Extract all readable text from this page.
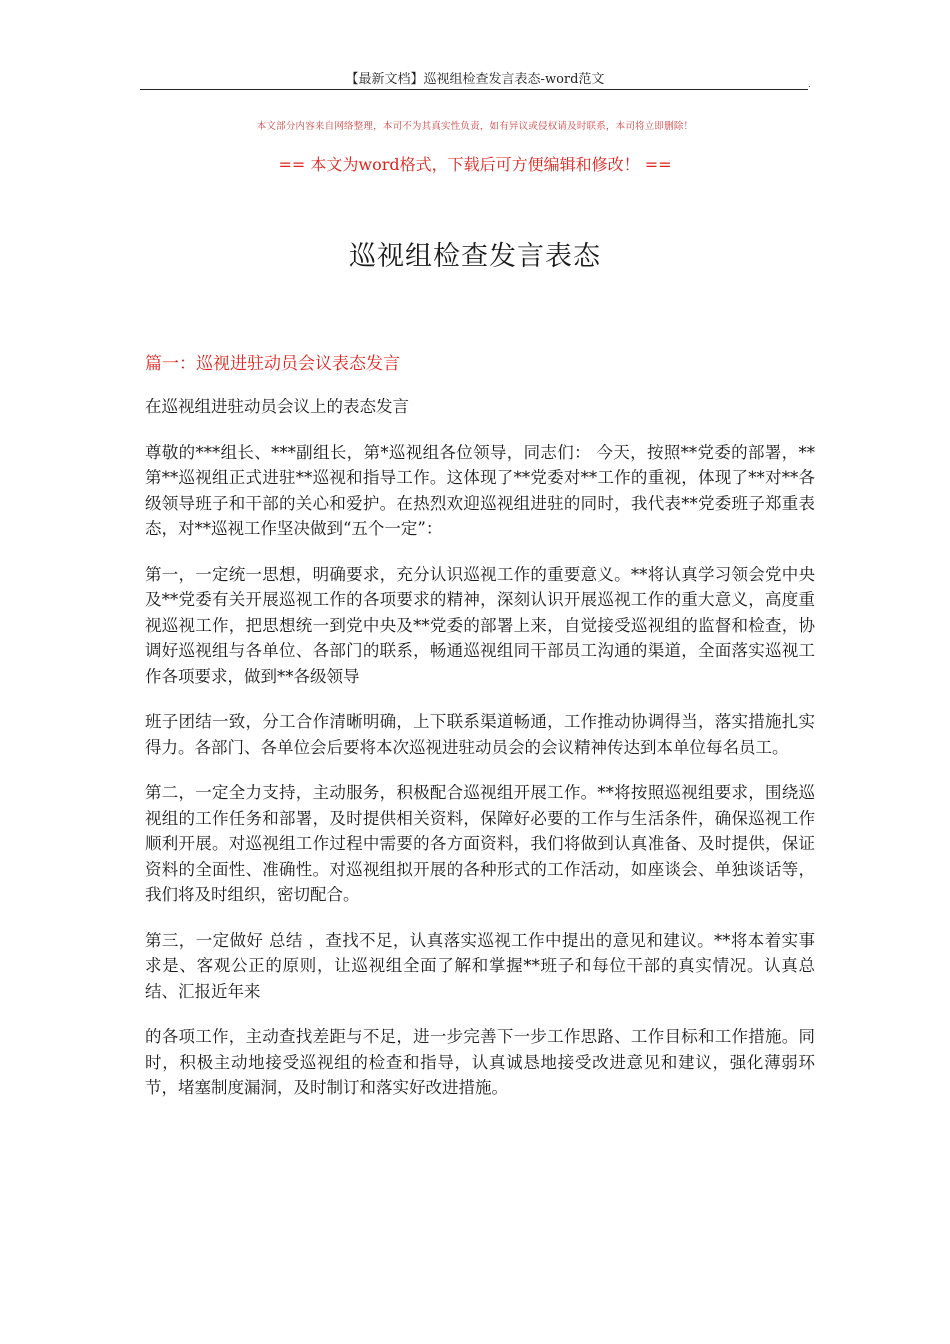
【最新文档】巡视组检查发言表态-word范文	.
本文部分内容来自网络整理，本司不为其真实性负责，如有异议或侵权请及时联系，本司将立即删除！
== 本文为word格式，下载后可方便编辑和修改！ ==
巡视组检查发言表态
篇一：巡视进驻动员会议表态发言

在巡视组进驻动员会议上的表态发言

尊敬的***组长、***副组长，第*巡视组各位领导，同志们： 今天，按照**党委的部署，**第**巡视组正式进驻**巡视和指导工作。这体现了**党委对**工作的重视，体现了**对**各级领导班子和干部的关心和爱护。在热烈欢迎巡视组进驻的同时，我代表**党委班子郑重表态，对**巡视工作坚决做到“五个一定”：

第一，一定统一思想，明确要求，充分认识巡视工作的重要意义。**将认真学习领会党中央及**党委有关开展巡视工作的各项要求的精神，深刻认识开展巡视工作的重大意义，高度重视巡视工作，把思想统一到党中央及**党委的部署上来，自觉接受巡视组的监督和检查，协调好巡视组与各单位、各部门的联系，畅通巡视组同干部员工沟通的渠道，全面落实巡视工作各项要求，做到**各级领导

班子团结一致，分工合作清晰明确，上下联系渠道畅通，工作推动协调得当，落实措施扎实得力。各部门、各单位会后要将本次巡视进驻动员会的会议精神传达到本单位每名员工。

第二，一定全力支持，主动服务，积极配合巡视组开展工作。**将按照巡视组要求，围绕巡视组的工作任务和部署，及时提供相关资料，保障好必要的工作与生活条件，确保巡视工作顺利开展。对巡视组工作过程中需要的各方面资料，我们将做到认真准备、及时提供，保证资料的全面性、准确性。对巡视组拟开展的各种形式的工作活动，如座谈会、单独谈话等，我们将及时组织，密切配合。

第三，一定做好 总结 ，查找不足，认真落实巡视工作中提出的意见和建议。**将本着实事求是、客观公正的原则，让巡视组全面了解和掌握**班子和每位干部的真实情况。认真总结、汇报近年来

的各项工作，主动查找差距与不足，进一步完善下一步工作思路、工作目标和工作措施。同时，积极主动地接受巡视组的检查和指导，认真诚恳地接受改进意见和建议，强化薄弱环节，堵塞制度漏洞，及时制订和落实好改进措施。
